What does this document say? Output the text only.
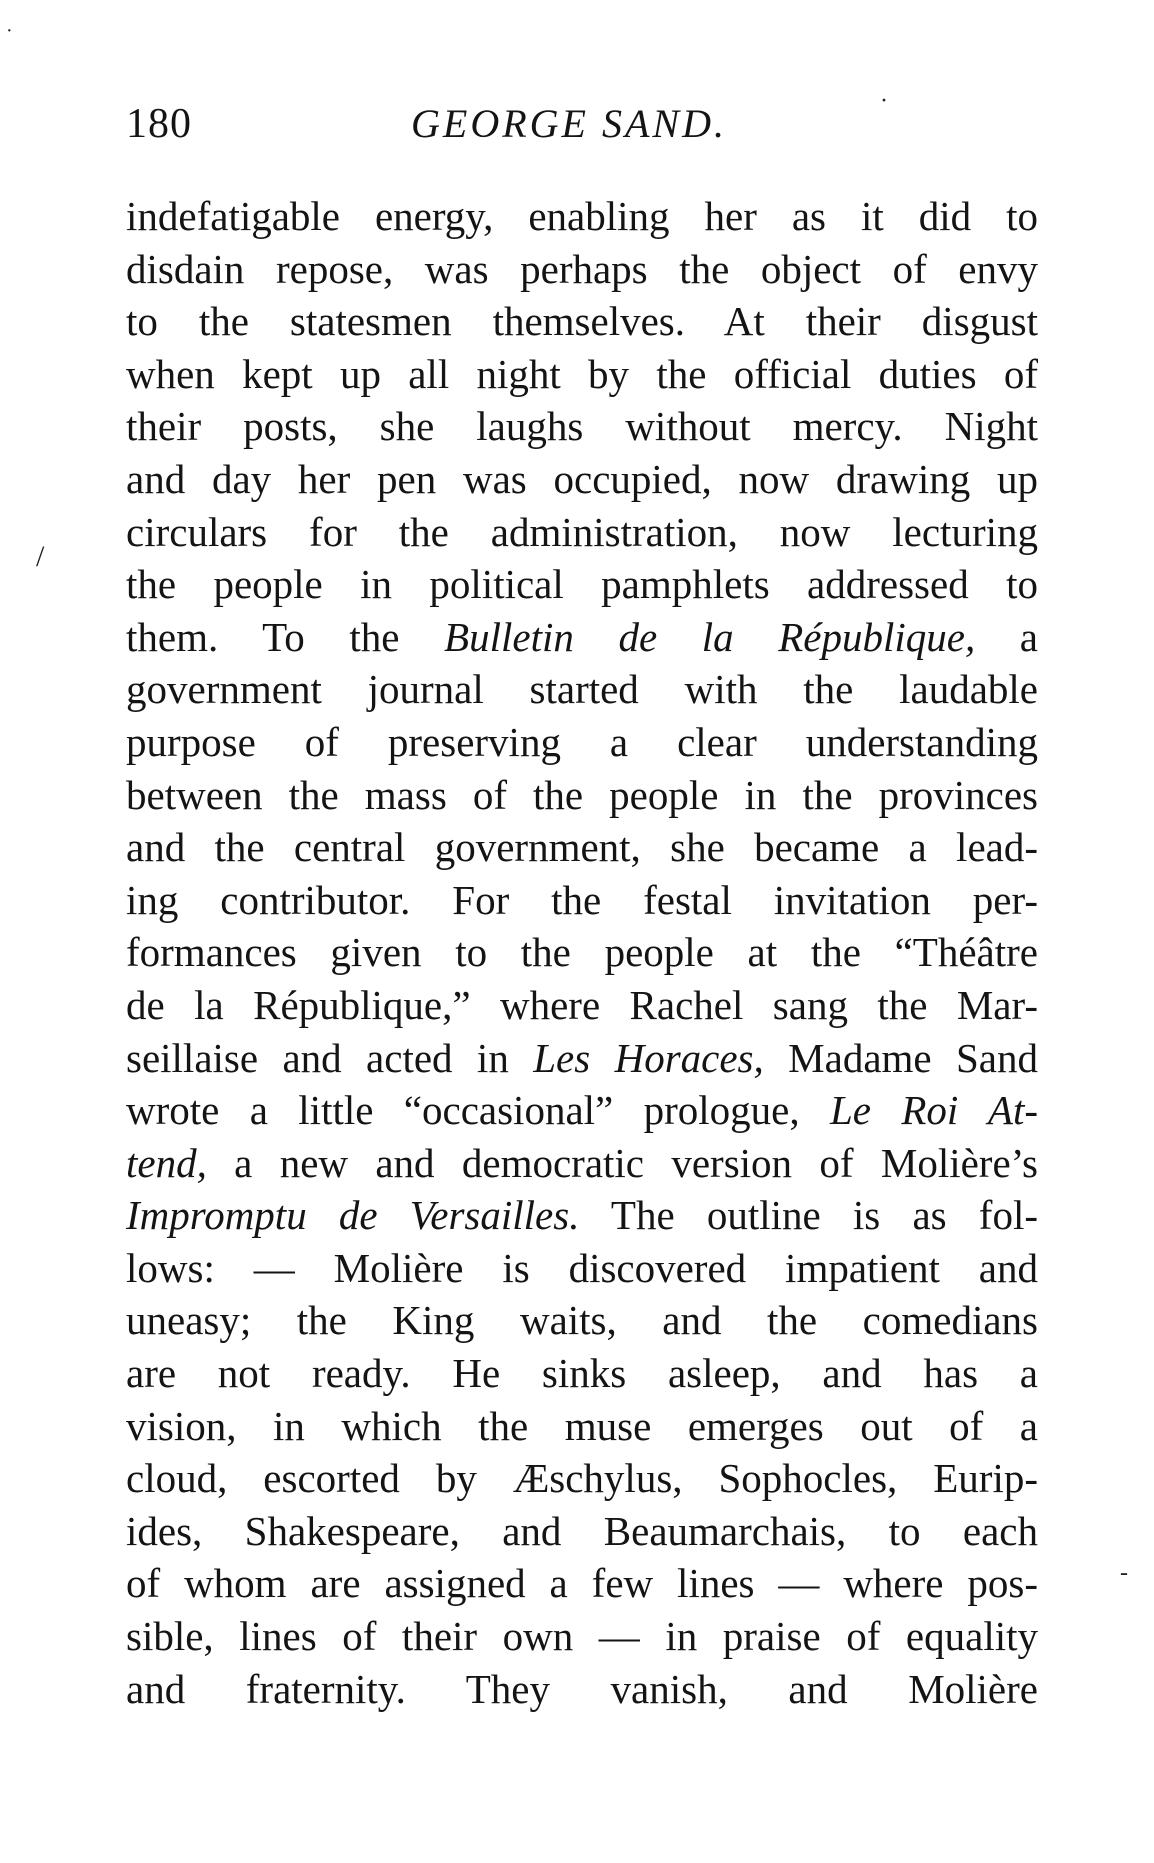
·
·
/
-
180	GEORGE SAND.
indefatigable energy, enabling her as it did to
disdain repose, was perhaps the object of envy
to the statesmen themselves. At their disgust
when kept up all night by the official duties of
their posts, she laughs without mercy. Night
and day her pen was occupied, now drawing up
circulars for the administration, now lecturing
the people in political pamphlets addressed to
them. To the Bulletin de la République, a
government journal started with the laudable
purpose of preserving a clear understanding
between the mass of the people in the provinces
and the central government, she became a lead-
ing contributor. For the festal invitation per-
formances given to the people at the “Théâtre
de la République,” where Rachel sang the Mar-
seillaise and acted in Les Horaces, Madame Sand
wrote a little “occasional” prologue, Le Roi At-
tend, a new and democratic version of Molière’s
Impromptu de Versailles. The outline is as fol-
lows: — Molière is discovered impatient and
uneasy; the King waits, and the comedians
are not ready. He sinks asleep, and has a
vision, in which the muse emerges out of a
cloud, escorted by Æschylus, Sophocles, Eurip-
ides, Shakespeare, and Beaumarchais, to each
of whom are assigned a few lines — where pos-
sible, lines of their own — in praise of equality
and fraternity. They vanish, and Molière
